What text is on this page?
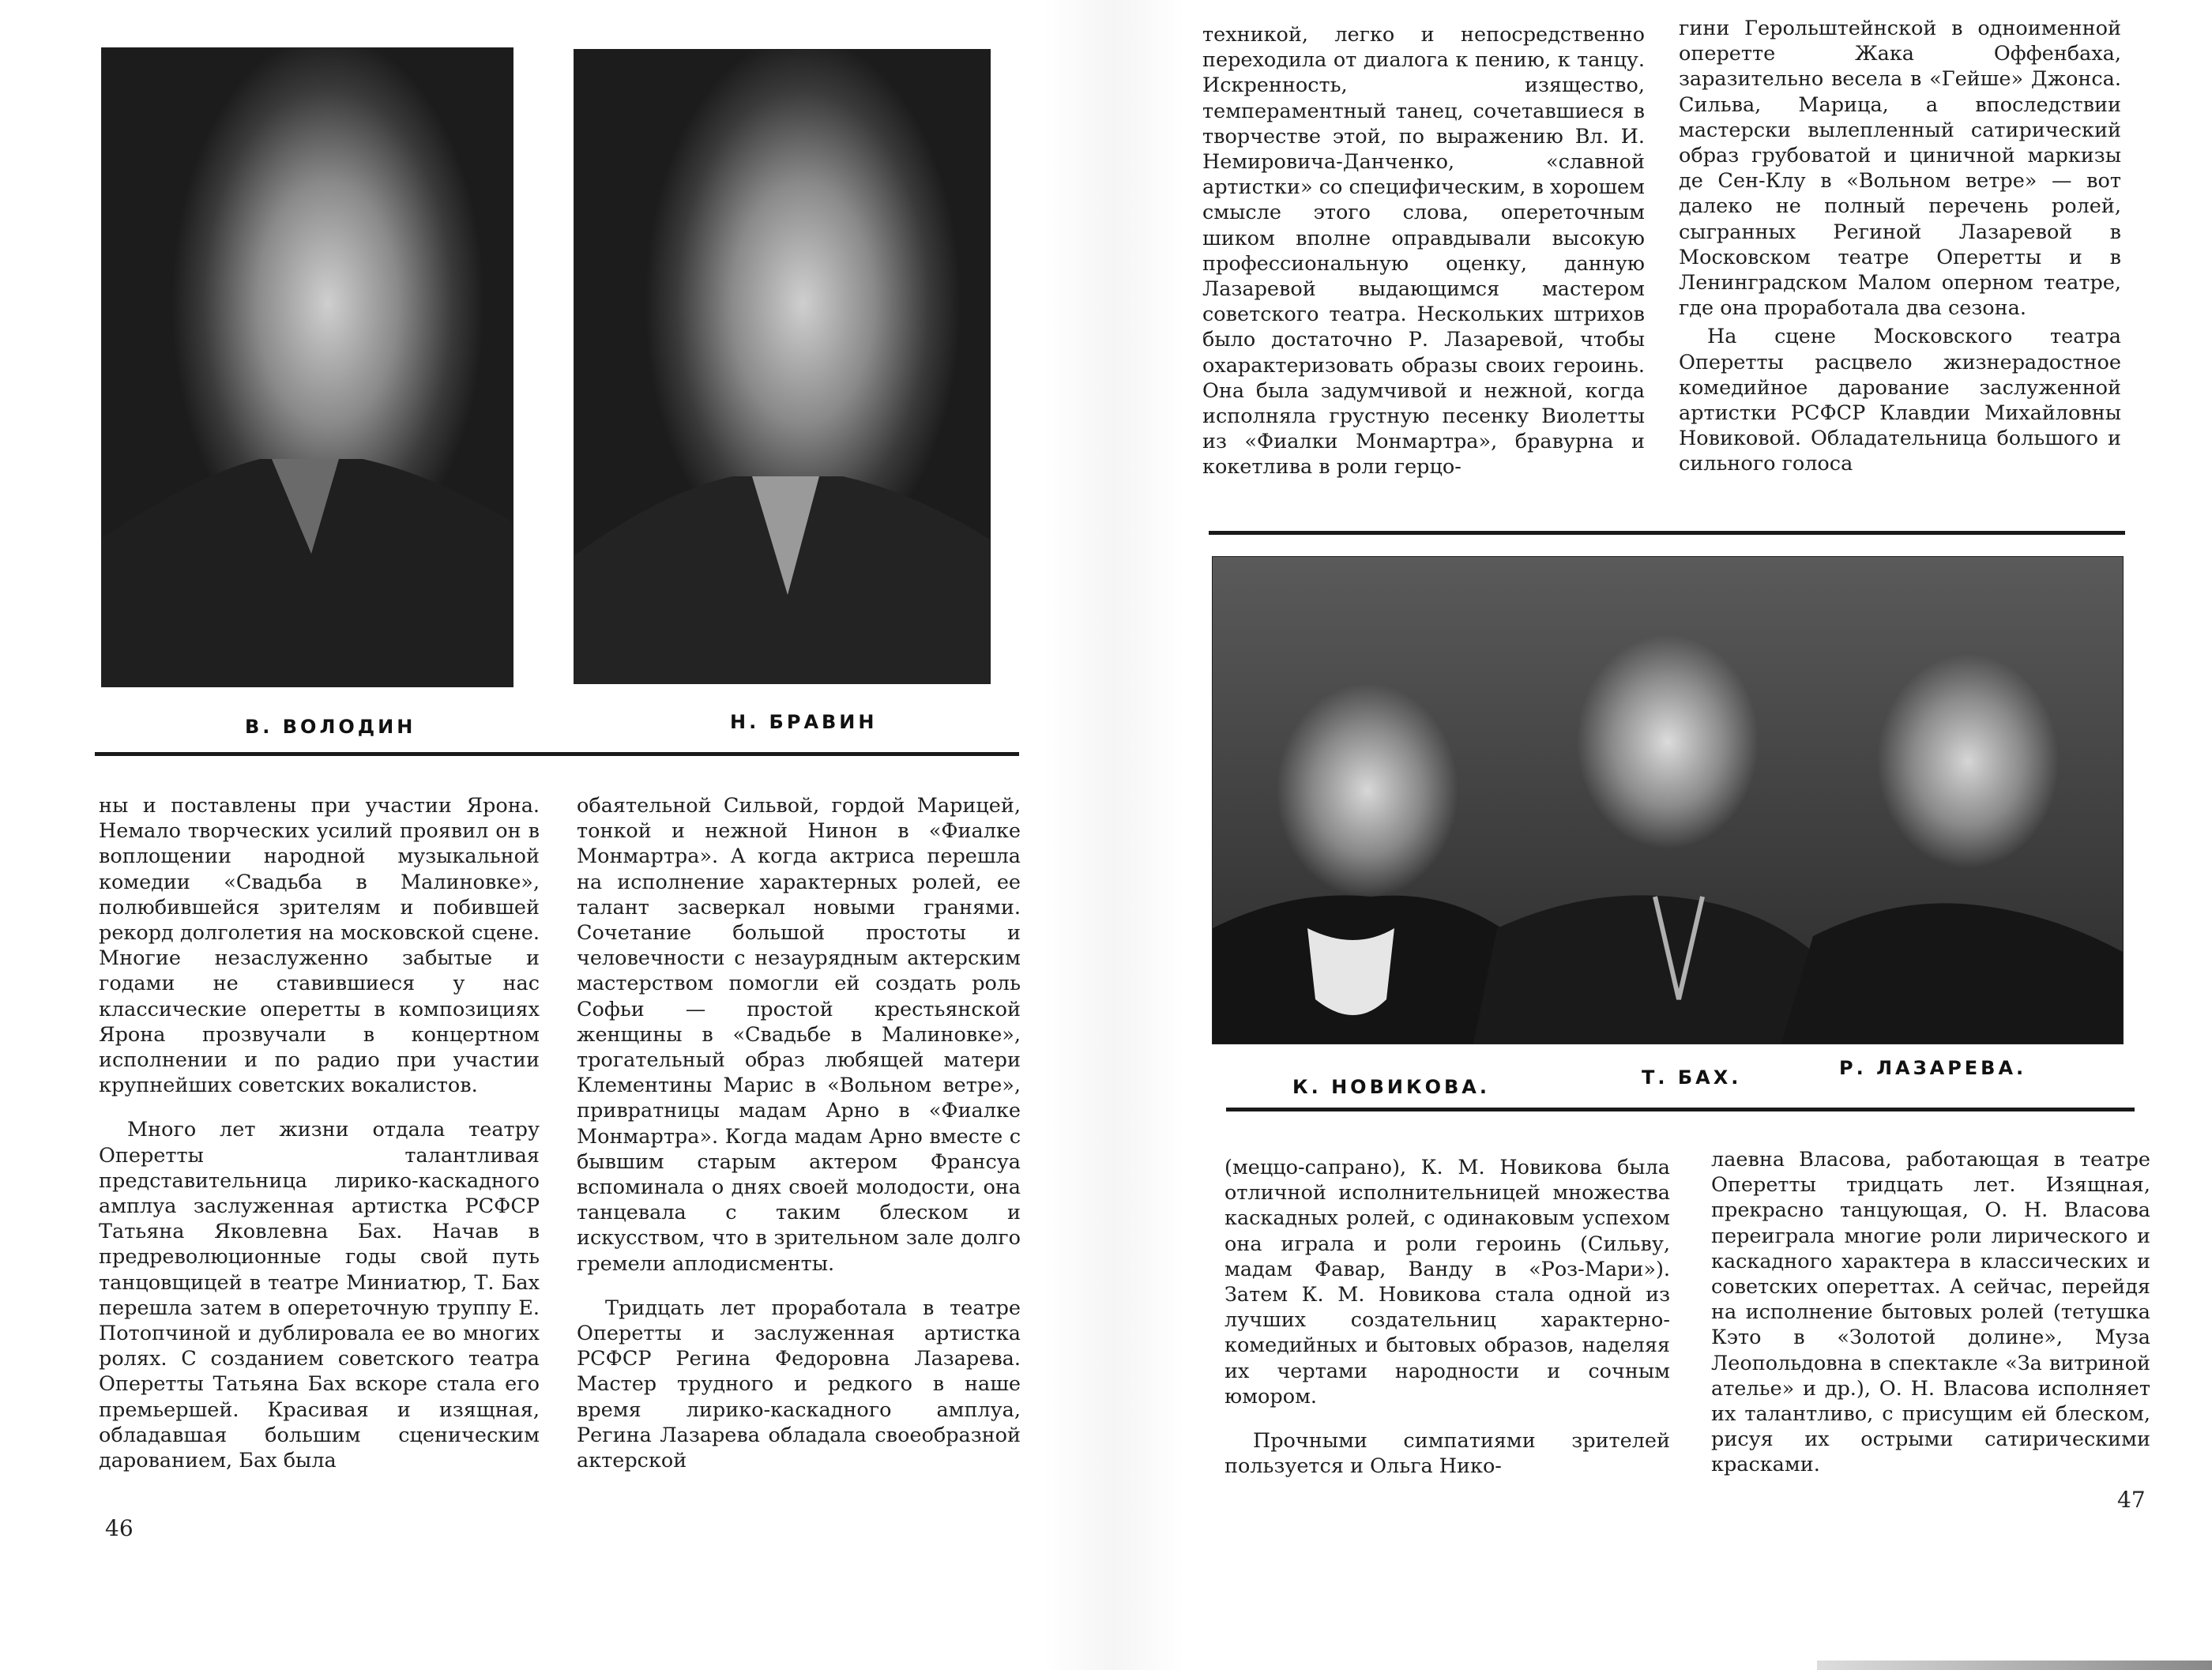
В. ВОЛОДИН	Н. БРАВИН

ны и поставлены при участии Ярона. Немало творческих усилий проявил он в воплощении народной музыкальной комедии «Свадьба в Малиновке», полюбившейся зрителям и побившей рекорд долголетия на московской сцене. Многие незаслуженно забытые и годами не ставившиеся у нас классические оперетты в композициях Ярона прозвучали в концертном исполнении и по радио при участии крупнейших советских вокалистов.

Много лет жизни отдала театру Оперетты талантливая представительница лирико-каскадного амплуа заслуженная артистка РСФСР Татьяна Яковлевна Бах. Начав в предреволюционные годы свой путь танцовщицей в театре Миниатюр, Т. Бах перешла затем в опереточную труппу Е. Потопчиной и дублировала ее во многих ролях. С созданием советского театра Оперетты Татьяна Бах вскоре стала его премьершей. Красивая и изящная, обладавшая большим сценическим дарованием, Бах была

обаятельной Сильвой, гордой Марицей, тонкой и нежной Нинон в «Фиалке Монмартра». А когда актриса перешла на исполнение характерных ролей, ее талант засверкал новыми гранями. Сочетание большой простоты и человечности с незаурядным актерским мастерством помогли ей создать роль Софьи — простой крестьянской женщины в «Свадьбе в Малиновке», трогательный образ любящей матери Клементины Марис в «Вольном ветре», привратницы мадам Арно в «Фиалке Монмартра». Когда мадам Арно вместе с бывшим старым актером Франсуа вспоминала о днях своей молодости, она танцевала с таким блеском и искусством, что в зрительном зале долго гремели аплодисменты.

Тридцать лет проработала в театре Оперетты и заслуженная артистка РСФСР Регина Федоровна Лазарева. Мастер трудного и редкого в наше время лирико-каскадного амплуа, Регина Лазарева обладала своеобразной актерской

46

техникой, легко и непосредственно переходила от диалога к пению, к танцу. Искренность, изящество, темпераментный танец, сочетавшиеся в творчестве этой, по выражению Вл. И. Немировича-Данченко, «славной артистки» со специфическим, в хорошем смысле этого слова, опереточным шиком вполне оправдывали высокую профессиональную оценку, данную Лазаревой выдающимся мастером советского театра. Нескольких штрихов было достаточно Р. Лазаревой, чтобы охарактеризовать образы своих героинь. Она была задумчивой и нежной, когда исполняла грустную песенку Виолетты из «Фиалки Монмартра», бравурна и кокетлива в роли герцо-

гини Герольштейнской в одноименной оперетте Жака Оффенбаха, заразительно весела в «Гейше» Джонса. Сильва, Марица, а впоследствии мастерски вылепленный сатирический образ грубоватой и циничной маркизы де Сен-Клу в «Вольном ветре» — вот далеко не полный перечень ролей, сыгранных Региной Лазаревой в Московском театре Оперетты и в Ленинградском Малом оперном театре, где она проработала два сезона.

На сцене Московского театра Оперетты расцвело жизнерадостное комедийное дарование заслуженной артистки РСФСР Клавдии Михайловны Новиковой. Обладательница большого и сильного голоса

К. НОВИКОВА.	Т. БАХ.	Р. ЛАЗАРЕВА.

(меццо-сапрано), К. М. Новикова была отличной исполнительницей множества каскадных ролей, с одинаковым успехом она играла и роли героинь (Сильву, мадам Фавар, Ванду в «Роз-Мари»). Затем К. М. Новикова стала одной из лучших создательниц характерно-комедийных и бытовых образов, наделяя их чертами народности и сочным юмором.

Прочными симпатиями зрителей пользуется и Ольга Нико-

лаевна Власова, работающая в театре Оперетты тридцать лет. Изящная, прекрасно танцующая, О. Н. Власова переиграла многие роли лирического и каскадного характера в классических и советских опереттах. А сейчас, перейдя на исполнение бытовых ролей (тетушка Кэто в «Золотой долине», Муза Леопольдовна в спектакле «За витриной ателье» и др.), О. Н. Власова исполняет их талантливо, с присущим ей блеском, рисуя их острыми сатирическими красками.

47
